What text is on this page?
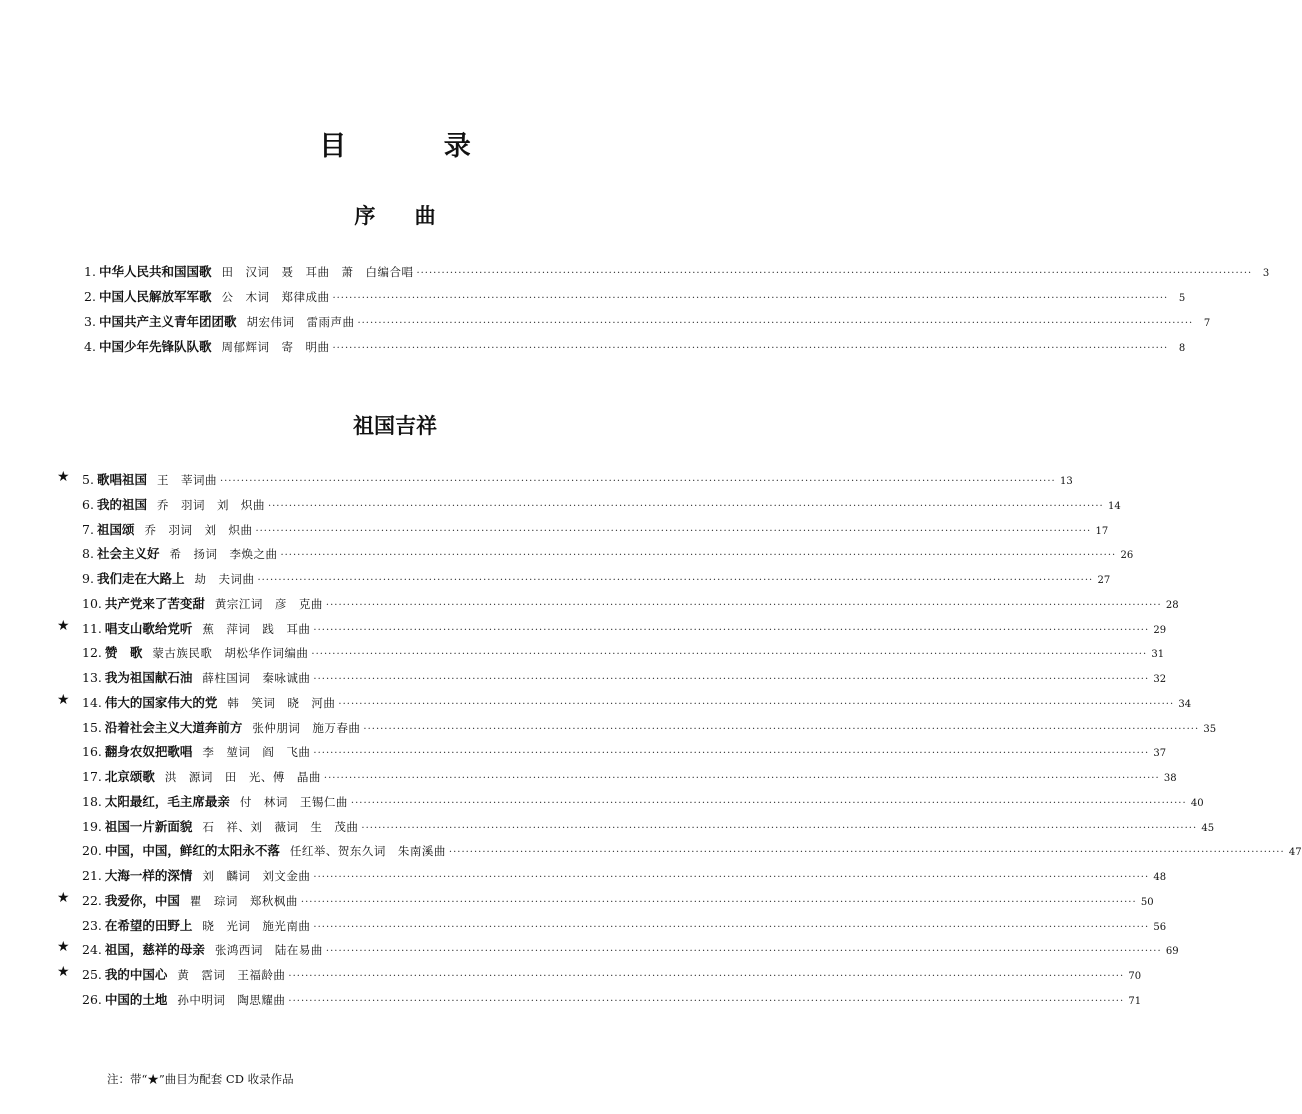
目 录
序 曲
1. 中华人民共和国国歌 田　汉词　聂　耳曲　萧　白编合唱 ········································································································································································································	3
2. 中国人民解放军军歌 公　木词　郑律成曲 ········································································································································································································	5
3. 中国共产主义青年团团歌 胡宏伟词　雷雨声曲 ········································································································································································································	7
4. 中国少年先锋队队歌 周郁辉词　寄　明曲 ········································································································································································································	8
祖国吉祥
★ 5. 歌唱祖国 王　莘词曲 ········································································································································································································ 13
6. 我的祖国 乔　羽词　刘　炽曲 ········································································································································································································ 14
7. 祖国颂 乔　羽词　刘　炽曲 ········································································································································································································ 17
8. 社会主义好 希　扬词　李焕之曲 ········································································································································································································ 26
9. 我们走在大路上 劫　夫词曲 ········································································································································································································ 27
10. 共产党来了苦变甜 黄宗江词　彦　克曲 ········································································································································································································ 28
★ 11. 唱支山歌给党听 蕉　萍词　践　耳曲 ········································································································································································································ 29
12. 赞　歌 蒙古族民歌　胡松华作词编曲 ········································································································································································································ 31
13. 我为祖国献石油 薛柱国词　秦咏诚曲 ········································································································································································································ 32
★ 14. 伟大的国家伟大的党 韩　笑词　晓　河曲 ········································································································································································································ 34
15. 沿着社会主义大道奔前方 张仲朋词　施万春曲 ········································································································································································································ 35
16. 翻身农奴把歌唱 李　堃词　阎　飞曲 ········································································································································································································ 37
17. 北京颂歌 洪　源词　田　光、傅　晶曲 ········································································································································································································ 38
18. 太阳最红，毛主席最亲 付　林词　王锡仁曲 ········································································································································································································ 40
19. 祖国一片新面貌 石　祥、刘　薇词　生　茂曲 ········································································································································································································ 45
20. 中国，中国，鲜红的太阳永不落 任红举、贺东久词　朱南溪曲 ········································································································································································································ 47
21. 大海一样的深情 刘　麟词　刘文金曲 ········································································································································································································ 48
★ 22. 我爱你，中国 瞿　琮词　郑秋枫曲 ········································································································································································································ 50
23. 在希望的田野上 晓　光词　施光南曲 ········································································································································································································ 56
★ 24. 祖国，慈祥的母亲 张鸿西词　陆在易曲 ········································································································································································································ 69
★ 25. 我的中国心 黄　霑词　王福龄曲 ········································································································································································································ 70
26. 中国的土地 孙中明词　陶思耀曲 ········································································································································································································ 71
注：带“★”曲目为配套 CD 收录作品
